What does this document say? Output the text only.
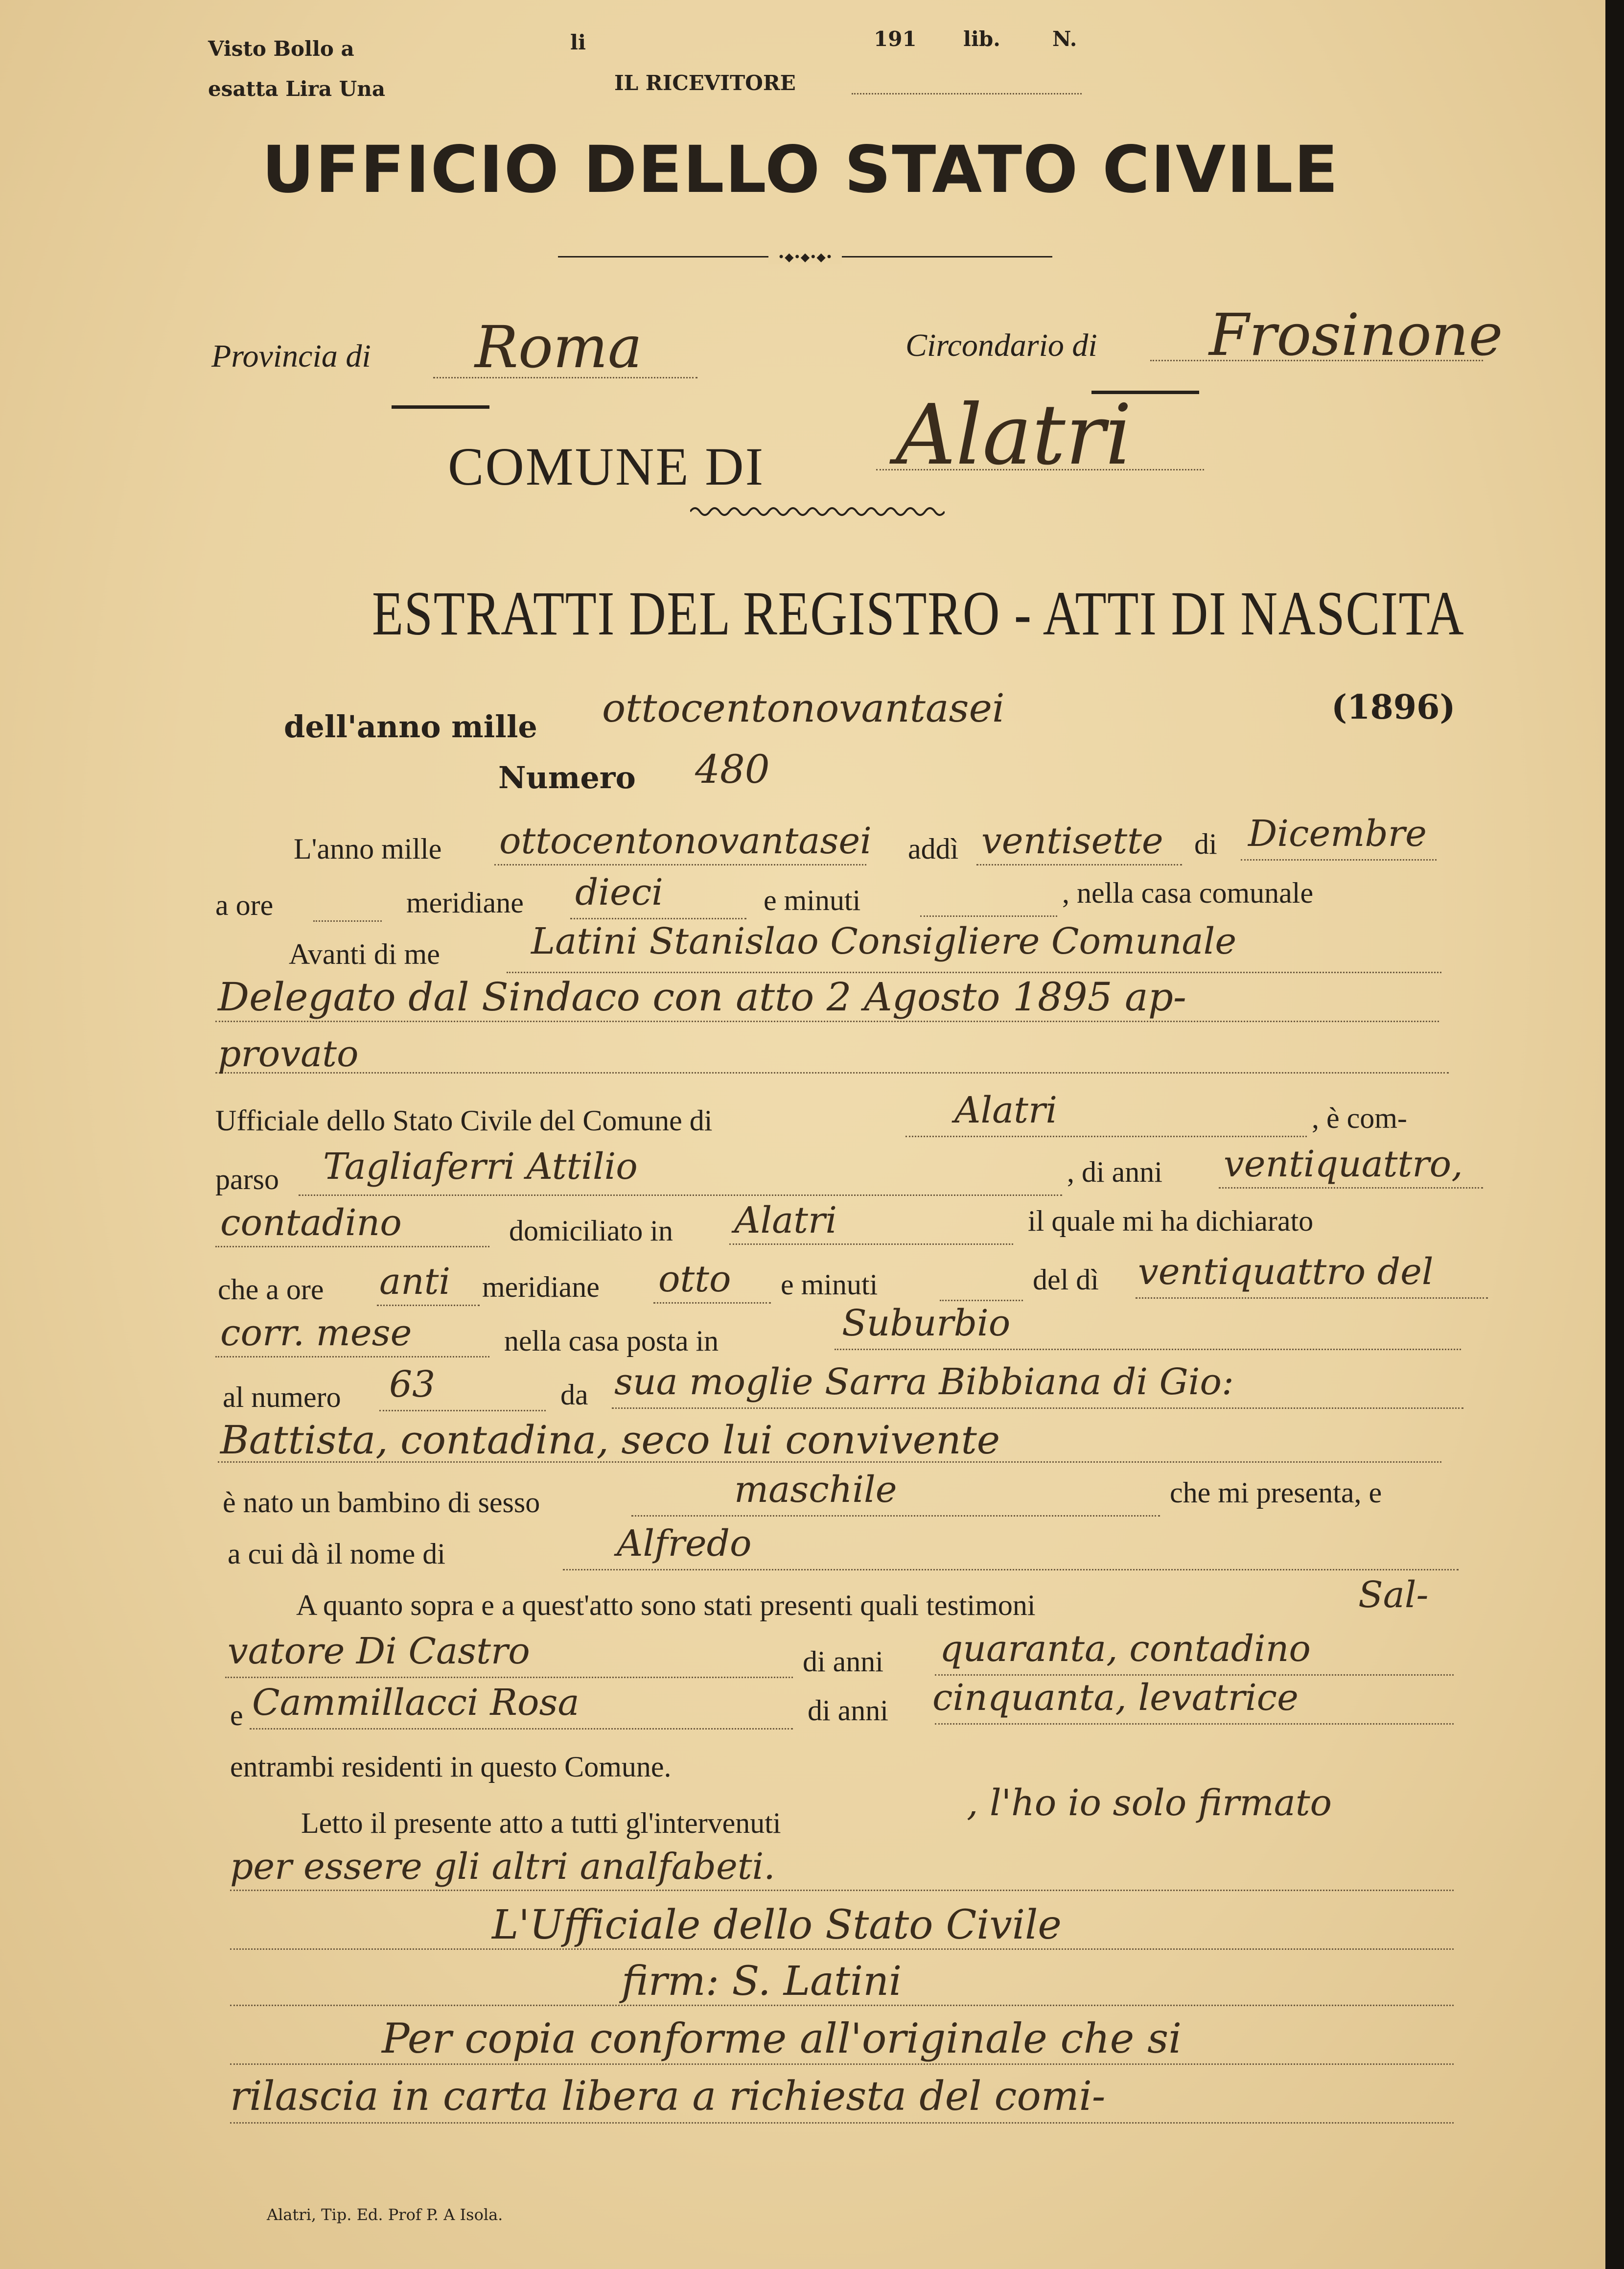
Visto Bollo a
esatta Lira Una
li	191 lib.	N.
IL RICEVITORE
UFFICIO DELLO STATO CIVILE
•◆•◆•◆•
Provincia di Roma	Circondario di Frosinone
COMUNE DI Alatri
ESTRATTI DEL REGISTRO - ATTI DI NASCITA
dell'anno mille ottocentonovantasei	(1896)
Numero 480
L'anno mille ottocentonovantasei addì ventisette di Dicembre
a ore	meridiane dieci	e minuti	, nella casa comunale
Avanti di me	Latini Stanislao Consigliere Comunale
Delegato dal Sindaco con atto 2 Agosto 1895 ap-
provato
Ufficiale dello Stato Civile del Comune di	Alatri	, è com-
parso Tagliaferri Attilio	, di anni ventiquattro,
contadino	domiciliato in Alatri	il quale mi ha dichiarato
che a ore anti meridiane otto e minuti	del dì ventiquattro del
corr. mese	nella casa posta in	Suburbio
al numero 63	da sua moglie Sarra Bibbiana di Gio:
Battista, contadina, seco lui convivente
è nato un bambino di sesso	maschile	che mi presenta, e
a cui dà il nome di	Alfredo
A quanto sopra e a quest'atto sono stati presenti quali testimoni	Sal-
vatore Di Castro	di anni quaranta, contadino
e Cammillacci Rosa	di anni cinquanta, levatrice
entrambi residenti in questo Comune.
Letto il presente atto a tutti gl'intervenuti	, l'ho io solo firmato
per essere gli altri analfabeti.
L'Ufficiale dello Stato Civile
firm: S. Latini
Per copia conforme all'originale che si
rilascia in carta libera a richiesta del comi-
Alatri, Tip. Ed. Prof P. A Isola.
